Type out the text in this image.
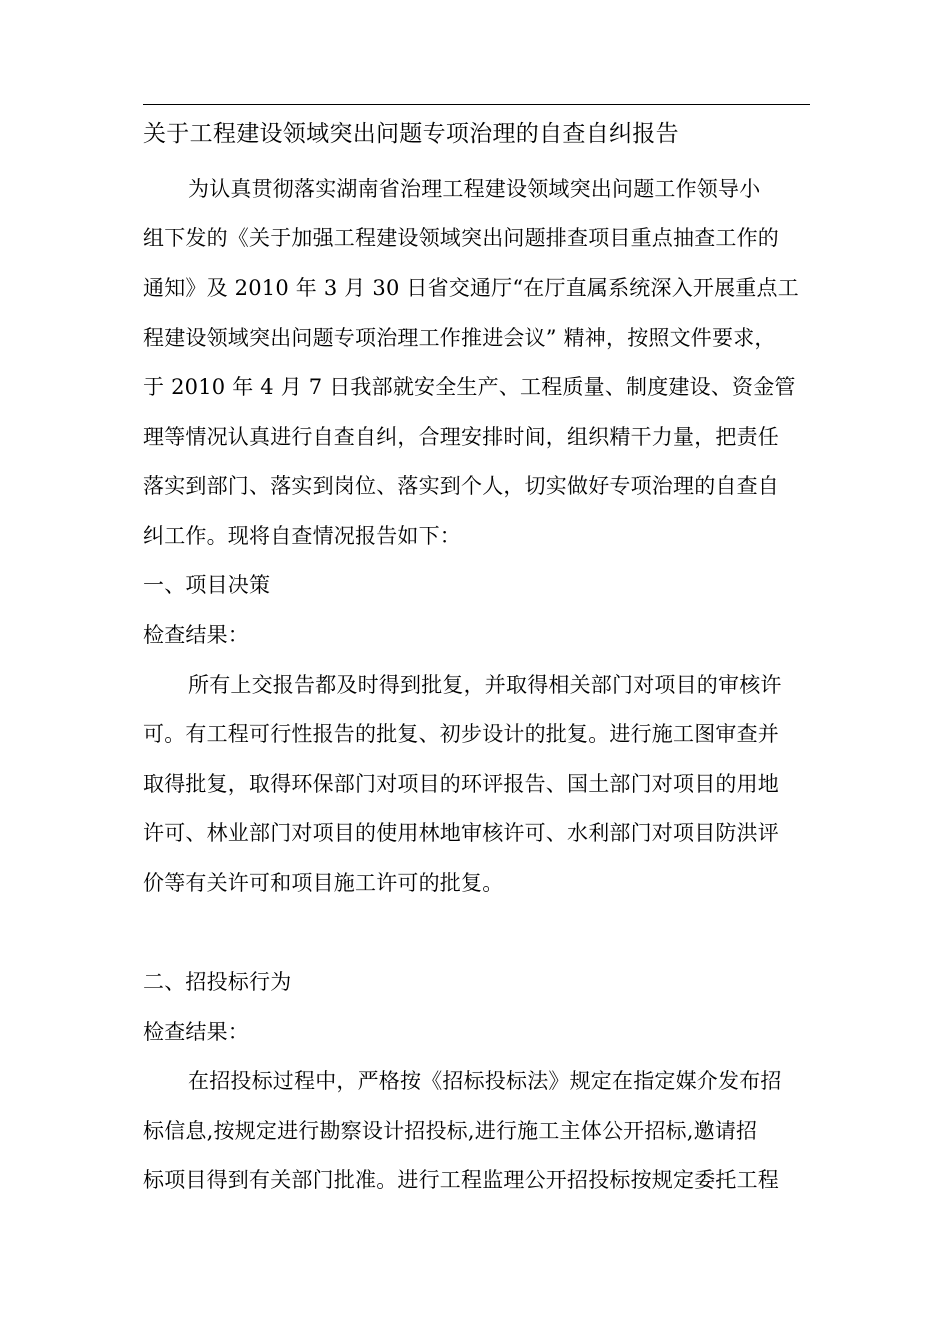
关于工程建设领域突出问题专项治理的自查自纠报告
为认真贯彻落实湖南省治理工程建设领域突出问题工作领导小
组下发的《关于加强工程建设领域突出问题排查项目重点抽查工作的
通知》及 2010 年 3 月 30 日省交通厅“在厅直属系统深入开展重点工
程建设领域突出问题专项治理工作推进会议” 精神，按照文件要求，
于 2010 年 4 月 7 日我部就安全生产、工程质量、制度建设、资金管
理等情况认真进行自查自纠，合理安排时间，组织精干力量，把责任
落实到部门、落实到岗位、落实到个人，切实做好专项治理的自查自
纠工作。现将自查情况报告如下：
一、项目决策
检查结果：
所有上交报告都及时得到批复，并取得相关部门对项目的审核许
可。有工程可行性报告的批复、初步设计的批复。进行施工图审查并
取得批复，取得环保部门对项目的环评报告、国土部门对项目的用地
许可、林业部门对项目的使用林地审核许可、水利部门对项目防洪评
价等有关许可和项目施工许可的批复。
二、招投标行为
检查结果：
在招投标过程中，严格按《招标投标法》规定在指定媒介发布招
标信息,按规定进行勘察设计招投标,进行施工主体公开招标,邀请招
标项目得到有关部门批准。进行工程监理公开招投标按规定委托工程
